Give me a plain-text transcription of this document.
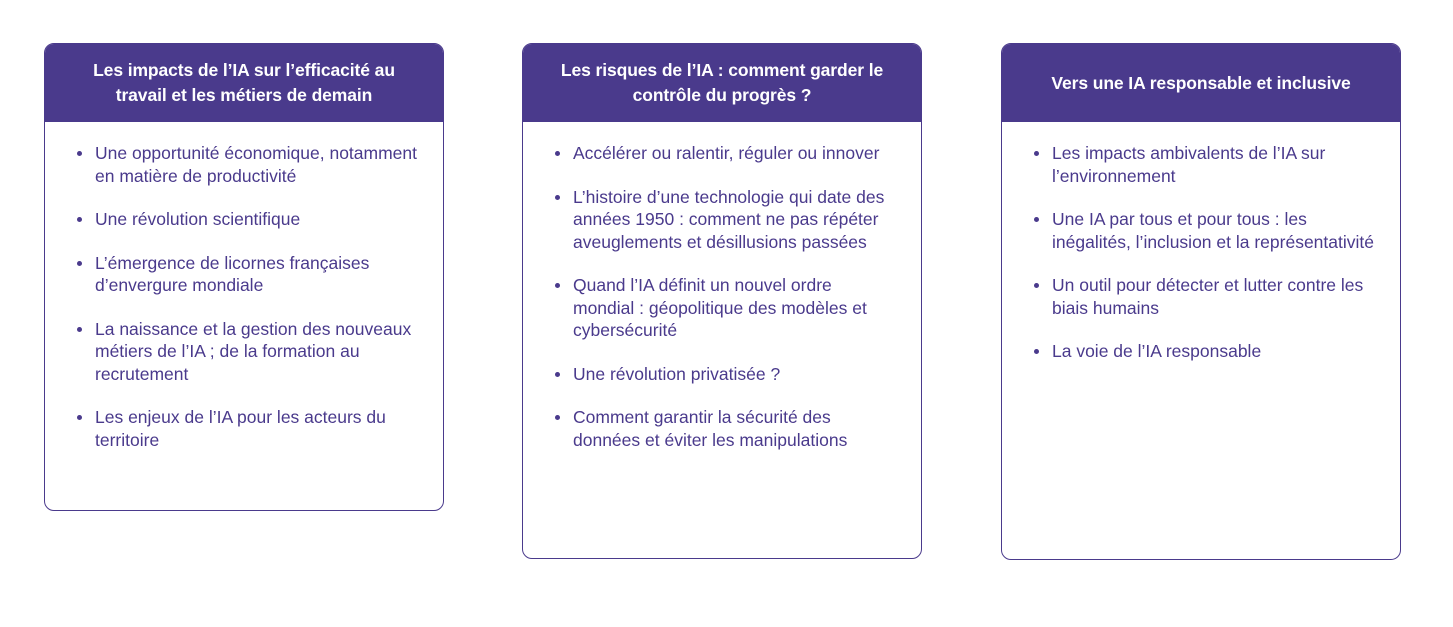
Les impacts de l’IA sur l’efficacité au travail et les métiers de demain
Une opportunité économique, notamment en matière de productivité
Une révolution scientifique
L’émergence de licornes françaises d’envergure mondiale
La naissance et la gestion des nouveaux métiers de l’IA ; de la formation au recrutement
Les enjeux de l’IA pour les acteurs du territoire
Les risques de l’IA : comment garder le contrôle du progrès ?
Accélérer ou ralentir, réguler ou innover
L’histoire d’une technologie qui date des années 1950 : comment ne pas répéter aveuglements et désillusions passées
Quand l’IA définit un nouvel ordre mondial : géopolitique des modèles et cybersécurité
Une révolution privatisée ?
Comment garantir la sécurité des données et éviter les manipulations
Vers une IA responsable et inclusive
Les impacts ambivalents de l’IA sur l’environnement
Une IA par tous et pour tous : les inégalités, l’inclusion et la représentativité
Un outil pour détecter et lutter contre les biais humains
La voie de l’IA responsable
